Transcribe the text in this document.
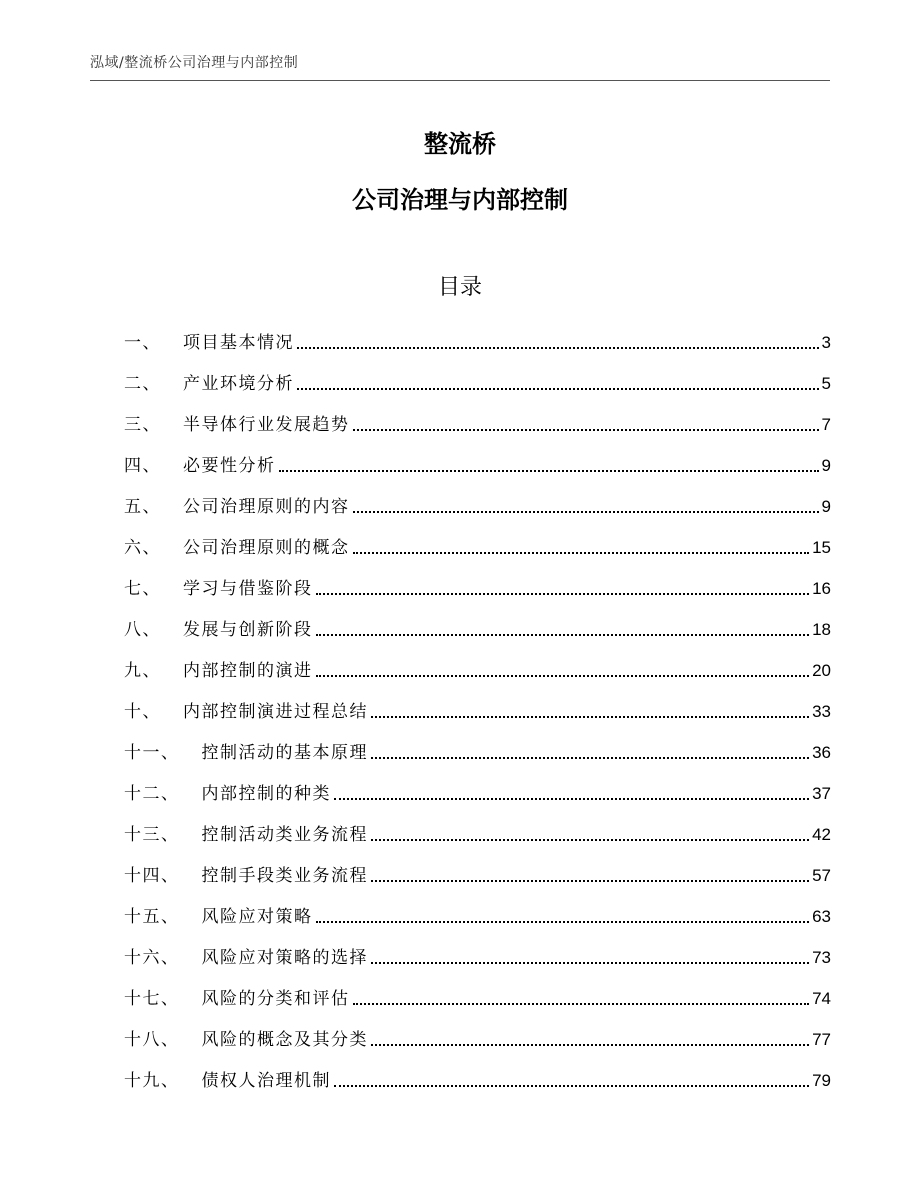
泓域/整流桥公司治理与内部控制
整流桥
公司治理与内部控制
目录
一、 项目基本情况	3
二、 产业环境分析	5
三、 半导体行业发展趋势	7
四、 必要性分析	9
五、 公司治理原则的内容	9
六、 公司治理原则的概念	15
七、 学习与借鉴阶段	16
八、 发展与创新阶段	18
九、 内部控制的演进	20
十、 内部控制演进过程总结	33
十一、 控制活动的基本原理	36
十二、 内部控制的种类	37
十三、 控制活动类业务流程	42
十四、 控制手段类业务流程	57
十五、 风险应对策略	63
十六、 风险应对策略的选择	73
十七、 风险的分类和评估	74
十八、 风险的概念及其分类	77
十九、 债权人治理机制	79
